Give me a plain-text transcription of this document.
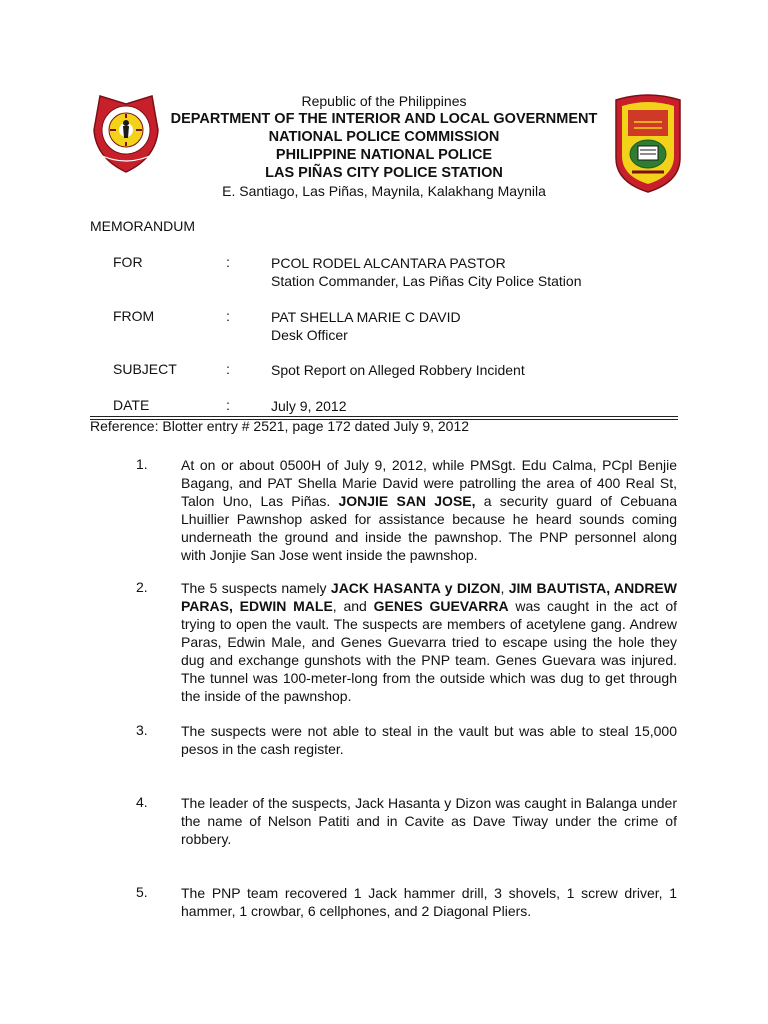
Republic of the Philippines
DEPARTMENT OF THE INTERIOR AND LOCAL GOVERNMENT
NATIONAL POLICE COMMISSION
PHILIPPINE NATIONAL POLICE
LAS PIÑAS CITY POLICE STATION
E. Santiago, Las Piñas, Maynila, Kalakhang Maynila
MEMORANDUM
FOR	:	PCOL RODEL ALCANTARA PASTOR
Station Commander, Las Piñas City Police Station
FROM	:	PAT SHELLA MARIE C DAVID
Desk Officer
SUBJECT	:	Spot Report on Alleged Robbery Incident
DATE	:	July 9, 2012
Reference: Blotter entry # 2521, page 172 dated July 9, 2012
1. At on or about 0500H of July 9, 2012, while PMSgt. Edu Calma, PCpl Benjie Bagang, and PAT Shella Marie David were patrolling the area of 400 Real St, Talon Uno, Las Piñas. JONJIE SAN JOSE, a security guard of Cebuana Lhuillier Pawnshop asked for assistance because he heard sounds coming underneath the ground and inside the pawnshop. The PNP personnel along with Jonjie San Jose went inside the pawnshop.
2. The 5 suspects namely JACK HASANTA y DIZON, JIM BAUTISTA, ANDREW PARAS, EDWIN MALE, and GENES GUEVARRA was caught in the act of trying to open the vault. The suspects are members of acetylene gang. Andrew Paras, Edwin Male, and Genes Guevarra tried to escape using the hole they dug and exchange gunshots with the PNP team. Genes Guevara was injured. The tunnel was 100-meter-long from the outside which was dug to get through the inside of the pawnshop.
3. The suspects were not able to steal in the vault but was able to steal 15,000 pesos in the cash register.
4. The leader of the suspects, Jack Hasanta y Dizon was caught in Balanga under the name of Nelson Patiti and in Cavite as Dave Tiway under the crime of robbery.
5. The PNP team recovered 1 Jack hammer drill, 3 shovels, 1 screw driver, 1 hammer, 1 crowbar, 6 cellphones, and 2 Diagonal Pliers.
